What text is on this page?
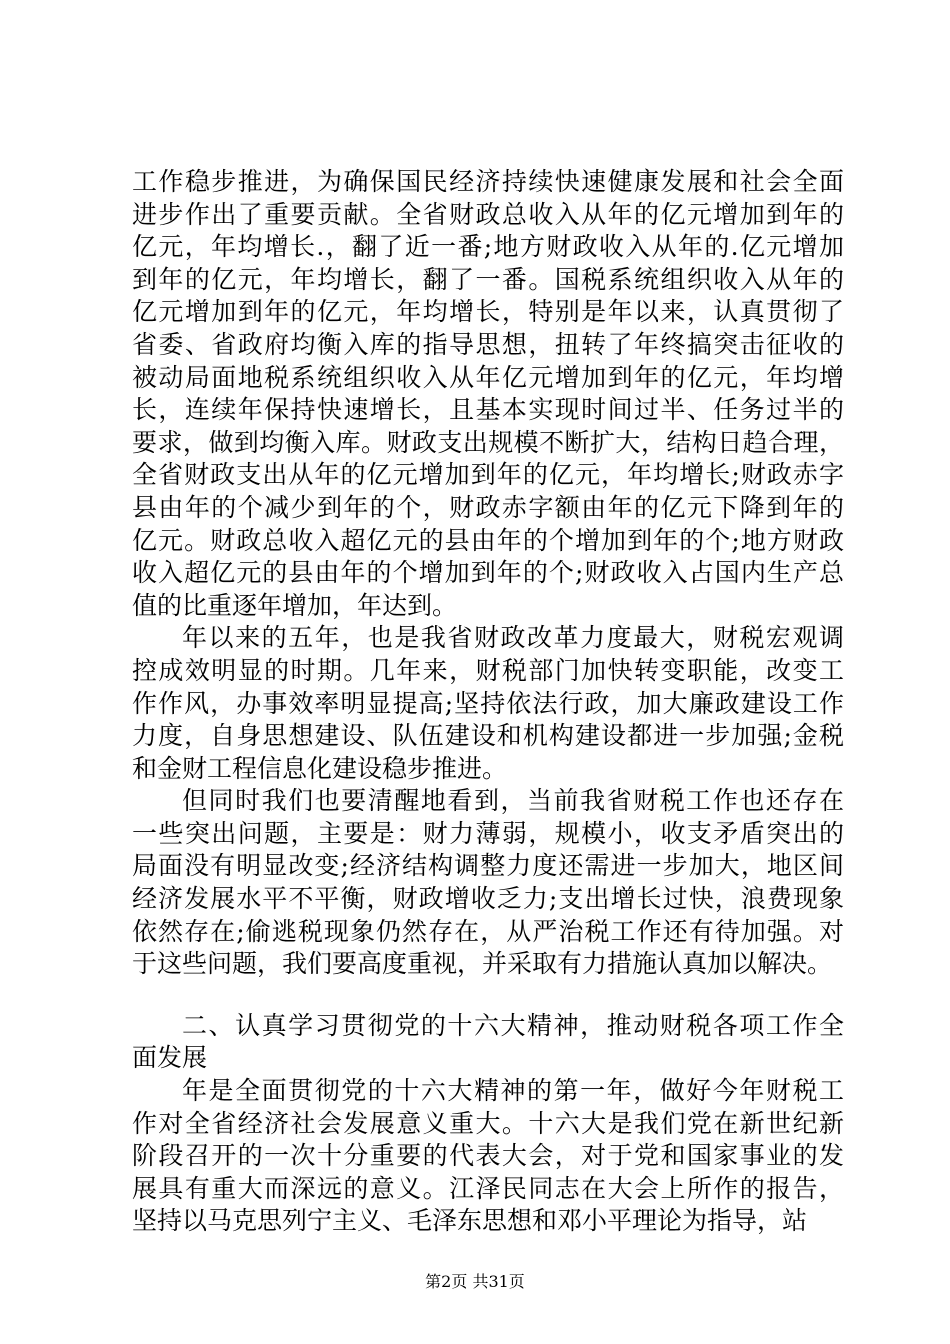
工作稳步推进，为确保国民经济持续快速健康发展和社会全面
进步作出了重要贡献。全省财政总收入从年的亿元增加到年的
亿元，年均增长.，翻了近一番;地方财政收入从年的.亿元增加
到年的亿元，年均增长，翻了一番。国税系统组织收入从年的
亿元增加到年的亿元，年均增长，特别是年以来，认真贯彻了
省委、省政府均衡入库的指导思想，扭转了年终搞突击征收的
被动局面地税系统组织收入从年亿元增加到年的亿元，年均增
长，连续年保持快速增长，且基本实现时间过半、任务过半的
要求，做到均衡入库。财政支出规模不断扩大，结构日趋合理，
全省财政支出从年的亿元增加到年的亿元，年均增长;财政赤字
县由年的个减少到年的个，财政赤字额由年的亿元下降到年的
亿元。财政总收入超亿元的县由年的个增加到年的个;地方财政
收入超亿元的县由年的个增加到年的个;财政收入占国内生产总
值的比重逐年增加，年达到。
年以来的五年，也是我省财政改革力度最大，财税宏观调
控成效明显的时期。几年来，财税部门加快转变职能，改变工
作作风，办事效率明显提高;坚持依法行政，加大廉政建设工作
力度，自身思想建设、队伍建设和机构建设都进一步加强;金税
和金财工程信息化建设稳步推进。
但同时我们也要清醒地看到，当前我省财税工作也还存在
一些突出问题，主要是：财力薄弱，规模小，收支矛盾突出的
局面没有明显改变;经济结构调整力度还需进一步加大，地区间
经济发展水平不平衡，财政增收乏力;支出增长过快，浪费现象
依然存在;偷逃税现象仍然存在，从严治税工作还有待加强。对
于这些问题，我们要高度重视，并采取有力措施认真加以解决。
二、认真学习贯彻党的十六大精神，推动财税各项工作全
面发展
年是全面贯彻党的十六大精神的第一年，做好今年财税工
作对全省经济社会发展意义重大。十六大是我们党在新世纪新
阶段召开的一次十分重要的代表大会，对于党和国家事业的发
展具有重大而深远的意义。江泽民同志在大会上所作的报告，
坚持以马克思列宁主义、毛泽东思想和邓小平理论为指导，站
第2页 共31页
